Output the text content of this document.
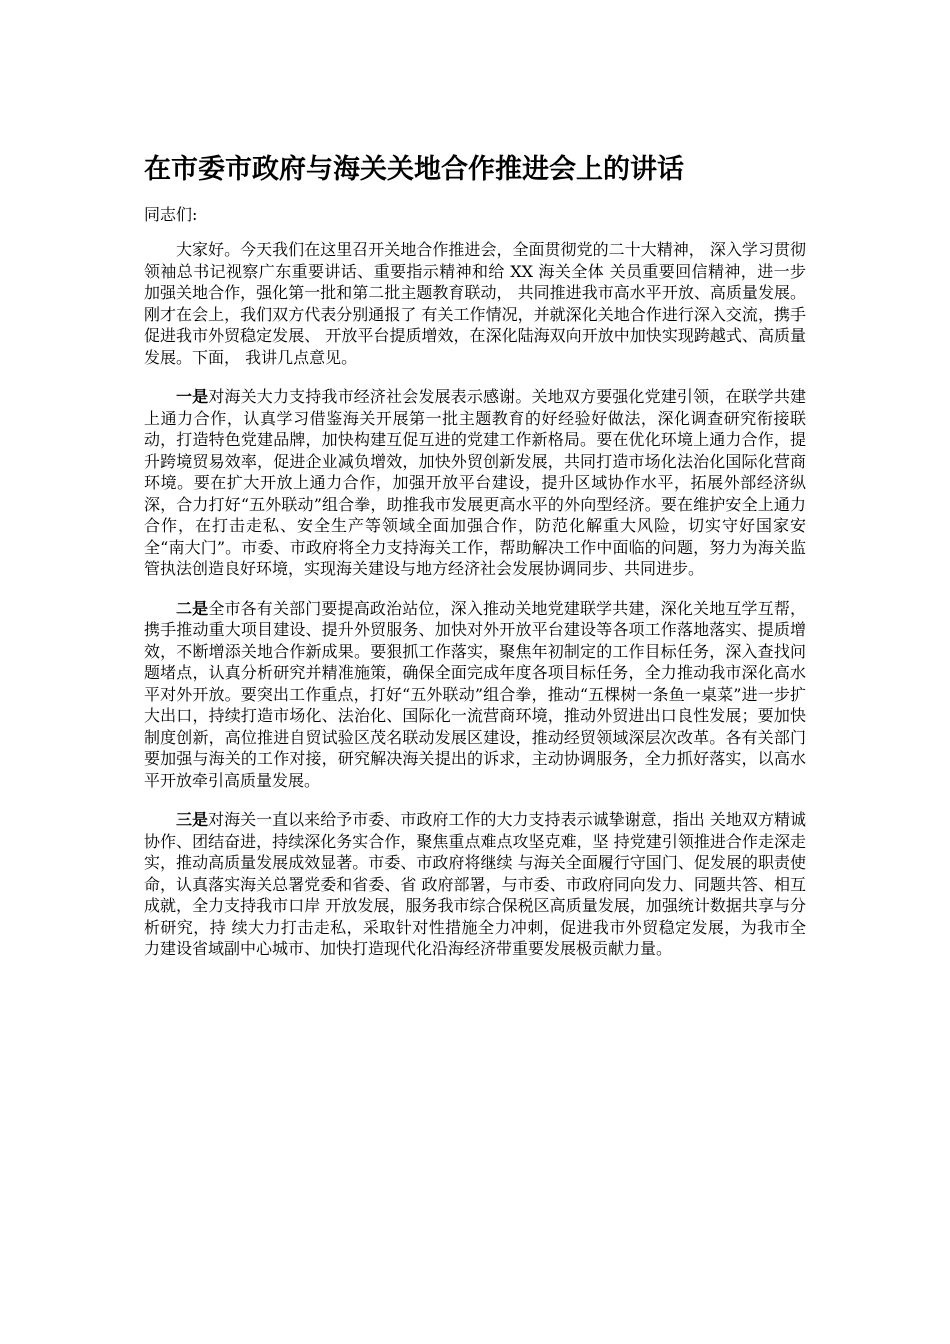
在市委市政府与海关关地合作推进会上的讲话

同志们:

大家好。今天我们在这里召开关地合作推进会，全面贯彻党的二十大精神， 深入学习贯彻领袖总书记视察广东重要讲话、重要指示精神和给 XX 海关全体 关员重要回信精神，进一步加强关地合作，强化第一批和第二批主题教育联动， 共同推进我市高水平开放、高质量发展。刚才在会上，我们双方代表分别通报了 有关工作情况，并就深化关地合作进行深入交流，携手促进我市外贸稳定发展、 开放平台提质增效，在深化陆海双向开放中加快实现跨越式、高质量发展。下面， 我讲几点意见。

一是对海关大力支持我市经济社会发展表示感谢。关地双方要强化党建引领，在联学共建上通力合作，认真学习借鉴海关开展第一批主题教育的好经验好做法，深化调查研究衔接联动，打造特色党建品牌，加快构建互促互进的党建工作新格局。要在优化环境上通力合作，提升跨境贸易效率，促进企业减负增效，加快外贸创新发展，共同打造市场化法治化国际化营商环境。要在扩大开放上通力合作，加强开放平台建设，提升区域协作水平，拓展外部经济纵深，合力打好“五外联动”组合拳，助推我市发展更高水平的外向型经济。要在维护安全上通力合作，在打击走私、安全生产等领域全面加强合作，防范化解重大风险，切实守好国家安全“南大门”。市委、市政府将全力支持海关工作，帮助解决工作中面临的问题，努力为海关监管执法创造良好环境，实现海关建设与地方经济社会发展协调同步、共同进步。

二是全市各有关部门要提高政治站位，深入推动关地党建联学共建，深化关地互学互帮，携手推动重大项目建设、提升外贸服务、加快对外开放平台建设等各项工作落地落实、提质增效，不断增添关地合作新成果。要狠抓工作落实，聚焦年初制定的工作目标任务，深入查找问题堵点，认真分析研究并精准施策，确保全面完成年度各项目标任务，全力推动我市深化高水平对外开放。要突出工作重点，打好“五外联动”组合拳，推动“五棵树一条鱼一桌菜”进一步扩大出口，持续打造市场化、法治化、国际化一流营商环境，推动外贸进出口良性发展；要加快制度创新，高位推进自贸试验区茂名联动发展区建设，推动经贸领域深层次改革。各有关部门要加强与海关的工作对接，研究解决海关提出的诉求，主动协调服务，全力抓好落实，以高水平开放牵引高质量发展。

三是对海关一直以来给予市委、市政府工作的大力支持表示诚挚谢意，指出 关地双方精诚协作、团结奋进，持续深化务实合作，聚焦重点难点攻坚克难，坚 持党建引领推进合作走深走实，推动高质量发展成效显著。市委、市政府将继续 与海关全面履行守国门、促发展的职责使命，认真落实海关总署党委和省委、省 政府部署，与市委、市政府同向发力、同题共答、相互成就，全力支持我市口岸 开放发展，服务我市综合保税区高质量发展，加强统计数据共享与分析研究，持 续大力打击走私，采取针对性措施全力冲刺，促进我市外贸稳定发展，为我市全 力建设省域副中心城市、加快打造现代化沿海经济带重要发展极贡献力量。
